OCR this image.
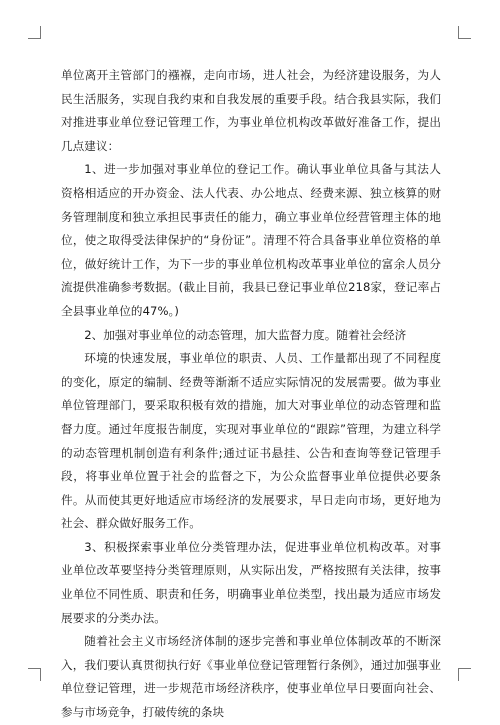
单位离开主管部门的襁褓，走向市场，进人社会，为经济建设服务，为人民生活服务，实现自我约束和自我发展的重要手段。结合我县实际，我们对推进事业单位登记管理工作，为事业单位机构改革做好准备工作，提出几点建议：

1、进一步加强对事业单位的登记工作。确认事业单位具备与其法人资格相适应的开办资金、法人代表、办公地点、经费来源、独立核算的财务管理制度和独立承担民事责任的能力，确立事业单位经营管理主体的地位，使之取得受法律保护的“身份证”。清理不符合具备事业单位资格的单位，做好统计工作，为下一步的事业单位机构改革事业单位的富余人员分流提供准确参考数据。(截止目前，我县已登记事业单位218家，登记率占全县事业单位的47%。)

2、加强对事业单位的动态管理，加大监督力度。随着社会经济

环境的快速发展，事业单位的职责、人员、工作量都出现了不同程度的变化，原定的编制、经费等渐渐不适应实际情况的发展需要。做为事业单位管理部门，要采取积极有效的措施，加大对事业单位的动态管理和监督力度。通过年度报告制度，实现对事业单位的“跟踪”管理，为建立科学的动态管理机制创造有利条件;通过证书悬挂、公告和查询等登记管理手段，将事业单位置于社会的监督之下，为公众监督事业单位提供必要条件。从而使其更好地适应市场经济的发展要求，早日走向市场，更好地为社会、群众做好服务工作。

3、积极探索事业单位分类管理办法，促进事业单位机构改革。对事业单位改革要坚持分类管理原则，从实际出发，严格按照有关法律，按事业单位不同性质、职责和任务，明确事业单位类型，找出最为适应市场发展要求的分类办法。

随着社会主义市场经济体制的逐步完善和事业单位体制改革的不断深入，我们要认真贯彻执行好《事业单位登记管理暂行条例》，通过加强事业单位登记管理，进一步规范市场经济秩序，使事业单位早日要面向社会、参与市场竞争，打破传统的条块
